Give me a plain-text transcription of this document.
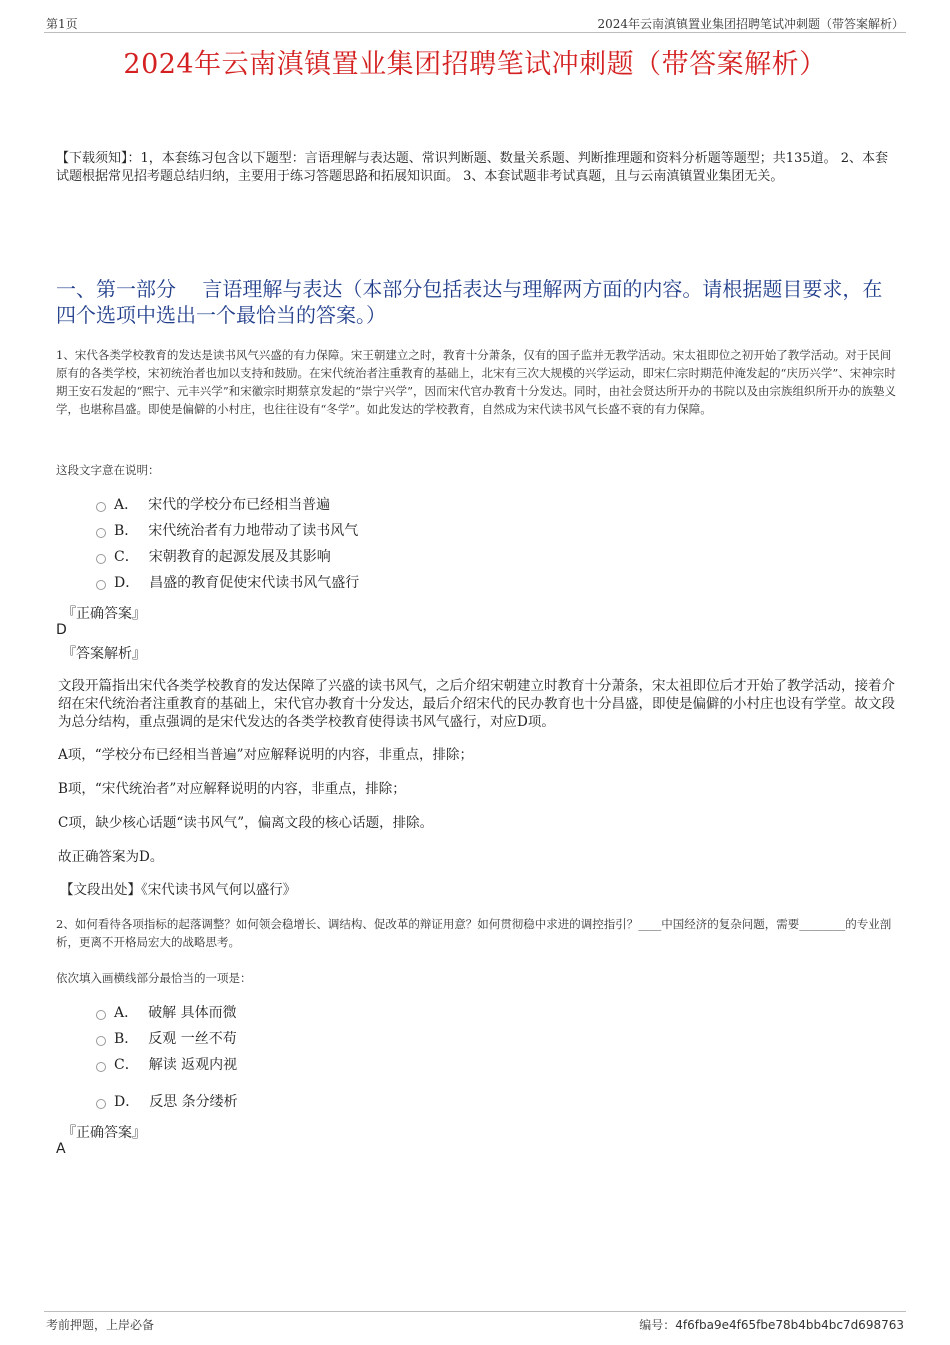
第1页	2024年云南滇镇置业集团招聘笔试冲刺题（带答案解析）
2024年云南滇镇置业集团招聘笔试冲刺题（带答案解析）
【下载须知】：1，本套练习包含以下题型：言语理解与表达题、常识判断题、数量关系题、判断推理题和资料分析题等题型；共135道。 2、本套试题根据常见招考题总结归纳，主要用于练习答题思路和拓展知识面。 3、本套试题非考试真题，且与云南滇镇置业集团无关。
一、第一部分　 言语理解与表达（本部分包括表达与理解两方面的内容。请根据题目要求，在四个选项中选出一个最恰当的答案。）
1、宋代各类学校教育的发达是读书风气兴盛的有力保障。宋王朝建立之时，教育十分萧条，仅有的国子监并无教学活动。宋太祖即位之初开始了教学活动。对于民间原有的各类学校，宋初统治者也加以支持和鼓励。在宋代统治者注重教育的基础上，北宋有三次大规模的兴学运动，即宋仁宗时期范仲淹发起的“庆历兴学”、宋神宗时期王安石发起的“熙宁、元丰兴学”和宋徽宗时期蔡京发起的“崇宁兴学”，因而宋代官办教育十分发达。同时，由社会贤达所开办的书院以及由宗族组织所开办的族塾义学，也堪称昌盛。即使是偏僻的小村庄，也往往设有“冬学”。如此发达的学校教育，自然成为宋代读书风气长盛不衰的有力保障。
这段文字意在说明：
A． 宋代的学校分布已经相当普遍
B． 宋代统治者有力地带动了读书风气
C． 宋朝教育的起源发展及其影响
D． 昌盛的教育促使宋代读书风气盛行
『正确答案』
D
『答案解析』
文段开篇指出宋代各类学校教育的发达保障了兴盛的读书风气，之后介绍宋朝建立时教育十分萧条，宋太祖即位后才开始了教学活动，接着介绍在宋代统治者注重教育的基础上，宋代官办教育十分发达，最后介绍宋代的民办教育也十分昌盛，即使是偏僻的小村庄也设有学堂。故文段为总分结构，重点强调的是宋代发达的各类学校教育使得读书风气盛行，对应D项。
A项，“学校分布已经相当普遍”对应解释说明的内容，非重点，排除；
B项，“宋代统治者”对应解释说明的内容，非重点，排除；
C项，缺少核心话题“读书风气”，偏离文段的核心话题，排除。
故正确答案为D。
【文段出处】《宋代读书风气何以盛行》
2、如何看待各项指标的起落调整？如何领会稳增长、调结构、促改革的辩证用意？如何贯彻稳中求进的调控指引？____中国经济的复杂问题，需要________的专业剖析，更离不开格局宏大的战略思考。
依次填入画横线部分最恰当的一项是：
A． 破解 具体而微
B． 反观 一丝不苟
C． 解读 返观内视
D． 反思 条分缕析
『正确答案』
A
考前押题，上岸必备	编号：4f6fba9e4f65fbe78b4bb4bc7d698763
